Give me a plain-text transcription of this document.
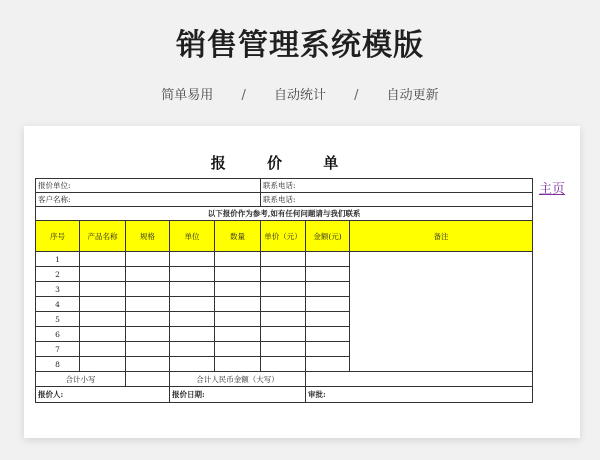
销售管理系统模版
简单易用 / 自动统计 / 自动更新
报 价 单
主页
报价单位:					联系电话:		
客户名称:					联系电话:		
以下报价作为参考,如有任何问题请与我们联系							
序号	产品名称	规格	单位	数量	单价（元）	金额(元)	备注
1							
2							
3							
4							
5							
6							
7							
8							
合计小写			合计人民币金额（大写）				
报价人:			报价日期:			审批:	
